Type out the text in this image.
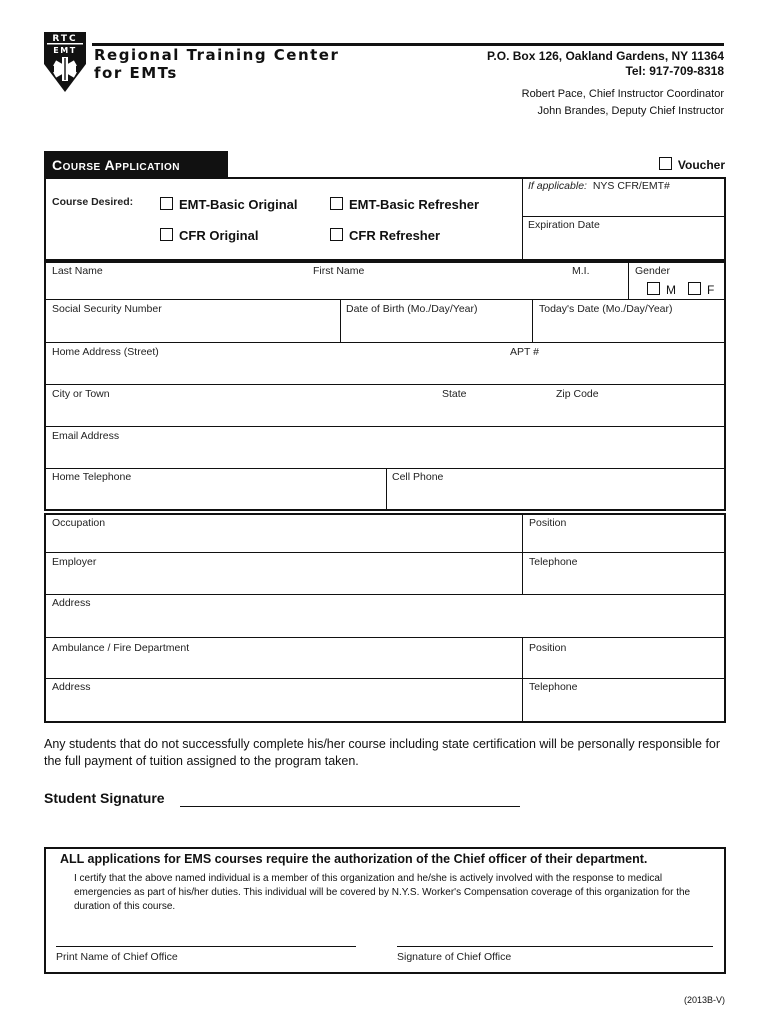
RTC
EMT Regional Training Center
for EMTs
P.O. Box 126, Oakland Gardens, NY 11364
Tel: 917-709-8318
Robert Pace, Chief Instructor Coordinator
John Brandes, Deputy Chief Instructor
Course Application	Voucher
Course Desired:	EMT-Basic Original	EMT-Basic Refresher
CFR Original	CFR Refresher
If applicable: NYS CFR/EMT#
Expiration Date
Last Name	First Name	M.I.	Gender
M	F
Social Security Number	Date of Birth (Mo./Day/Year)	Today's Date (Mo./Day/Year)
Home Address (Street)	APT #
City or Town	State	Zip Code
Email Address
Home Telephone	Cell Phone
Occupation	Position
Employer	Telephone
Address
Ambulance / Fire Department	Position
Address	Telephone
Any students that do not successfully complete his/her course including state certification will be personally responsible for the full payment of tuition assigned to the program taken.
Student Signature
ALL applications for EMS courses require the authorization of the Chief officer of their department.
I certify that the above named individual is a member of this organization and he/she is actively involved with the response to medical emergencies as part of his/her duties. This individual will be covered by N.Y.S. Worker's Compensation coverage of this organization for the duration of this course.
Print Name of Chief Office	Signature of Chief Office
(2013B-V)
